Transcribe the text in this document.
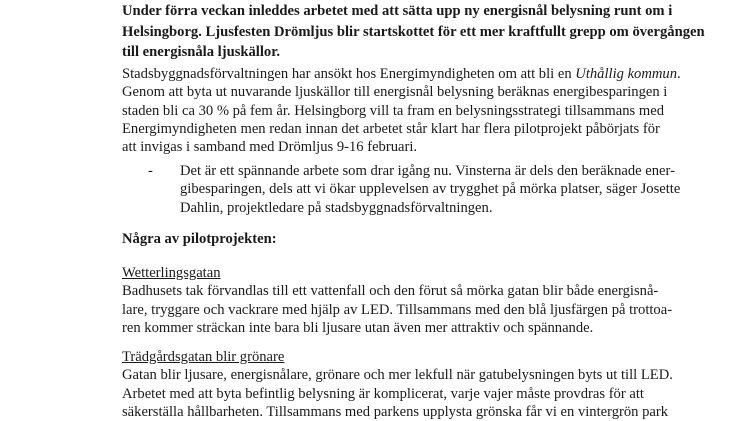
Under förra veckan inleddes arbetet med att sätta upp ny energisnål belysning runt om i
Helsingborg. Ljusfesten Drömljus blir startskottet för ett mer kraftfullt grepp om övergången
till energisnåla ljuskällor.

Stadsbyggnadsförvaltningen har ansökt hos Energimyndigheten om att bli en Uthållig kommun.
Genom att byta ut nuvarande ljuskällor till energisnål belysning beräknas energibesparingen i
staden bli ca 30 % på fem år. Helsingborg vill ta fram en belysningsstrategi tillsammans med
Energimyndigheten men redan innan det arbetet står klart har flera pilotprojekt påbörjats för
att invigas i samband med Drömljus 9-16 februari.

- Det är ett spännande arbete som drar igång nu. Vinsterna är dels den beräknade ener-
gibesparingen, dels att vi ökar upplevelsen av trygghet på mörka platser, säger Josette
Dahlin, projektledare på stadsbyggnadsförvaltningen.

Några av pilotprojekten:

Wetterlingsgatan
Badhusets tak förvandlas till ett vattenfall och den förut så mörka gatan blir både energisnå-
lare, tryggare och vackrare med hjälp av LED. Tillsammans med den blå ljusfärgen på trottoa-
ren kommer sträckan inte bara bli ljusare utan även mer attraktiv och spännande.
Trädgårdsgatan blir grönare
Gatan blir ljusare, energisnålare, grönare och mer lekfull när gatubelysningen byts ut till LED.
Arbetet med att byta befintlig belysning är komplicerat, varje vajer måste provdras för att
säkerställa hållbarheten. Tillsammans med parkens upplysta grönska får vi en vintergrön park
